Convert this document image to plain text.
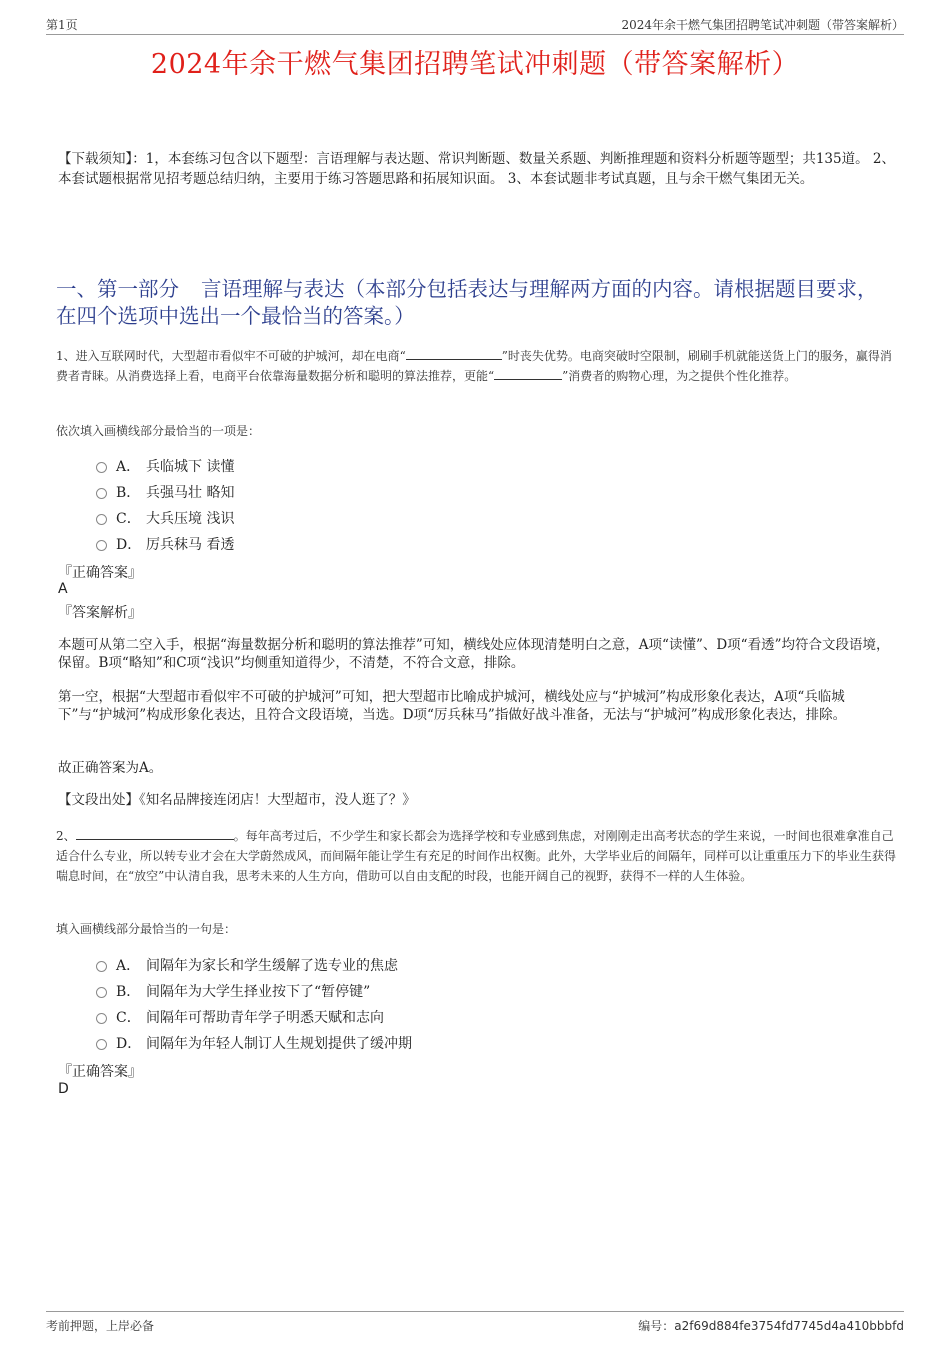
第1页	2024年余干燃气集团招聘笔试冲刺题（带答案解析）
2024年余干燃气集团招聘笔试冲刺题（带答案解析）
【下载须知】：1，本套练习包含以下题型：言语理解与表达题、常识判断题、数量关系题、判断推理题和资料分析题等题型；共135道。 2、本套试题根据常见招考题总结归纳，主要用于练习答题思路和拓展知识面。 3、本套试题非考试真题，且与余干燃气集团无关。
一、第一部分 言语理解与表达（本部分包括表达与理解两方面的内容。请根据题目要求，在四个选项中选出一个最恰当的答案。）
1、进入互联网时代，大型超市看似牢不可破的护城河，却在电商“	”时丧失优势。电商突破时空限制，刷刷手机就能送货上门的服务，赢得消费者青睐。从消费选择上看，电商平台依靠海量数据分析和聪明的算法推荐，更能“	”消费者的购物心理，为之提供个性化推荐。
依次填入画横线部分最恰当的一项是：
A． 兵临城下 读懂
B． 兵强马壮 略知
C． 大兵压境 浅识
D． 厉兵秣马 看透
『正确答案』
A
『答案解析』
本题可从第二空入手，根据“海量数据分析和聪明的算法推荐”可知，横线处应体现清楚明白之意，A项“读懂”、D项“看透”均符合文段语境，保留。B项“略知”和C项“浅识”均侧重知道得少，不清楚，不符合文意，排除。
第一空，根据“大型超市看似牢不可破的护城河”可知，把大型超市比喻成护城河，横线处应与“护城河”构成形象化表达，A项“兵临城下”与“护城河”构成形象化表达，且符合文段语境，当选。D项“厉兵秣马”指做好战斗准备，无法与“护城河”构成形象化表达，排除。
故正确答案为A。
【文段出处】《知名品牌接连闭店！大型超市，没人逛了？》
2、	。每年高考过后，不少学生和家长都会为选择学校和专业感到焦虑，对刚刚走出高考状态的学生来说，一时间也很难拿准自己适合什么专业，所以转专业才会在大学蔚然成风，而间隔年能让学生有充足的时间作出权衡。此外，大学毕业后的间隔年，同样可以让重重压力下的毕业生获得喘息时间，在“放空”中认清自我，思考未来的人生方向，借助可以自由支配的时段，也能开阔自己的视野，获得不一样的人生体验。
填入画横线部分最恰当的一句是：
A． 间隔年为家长和学生缓解了选专业的焦虑
B． 间隔年为大学生择业按下了“暂停键”
C． 间隔年可帮助青年学子明悉天赋和志向
D． 间隔年为年轻人制订人生规划提供了缓冲期
『正确答案』
D
考前押题，上岸必备	编号：a2f69d884fe3754fd7745d4a410bbbfd
